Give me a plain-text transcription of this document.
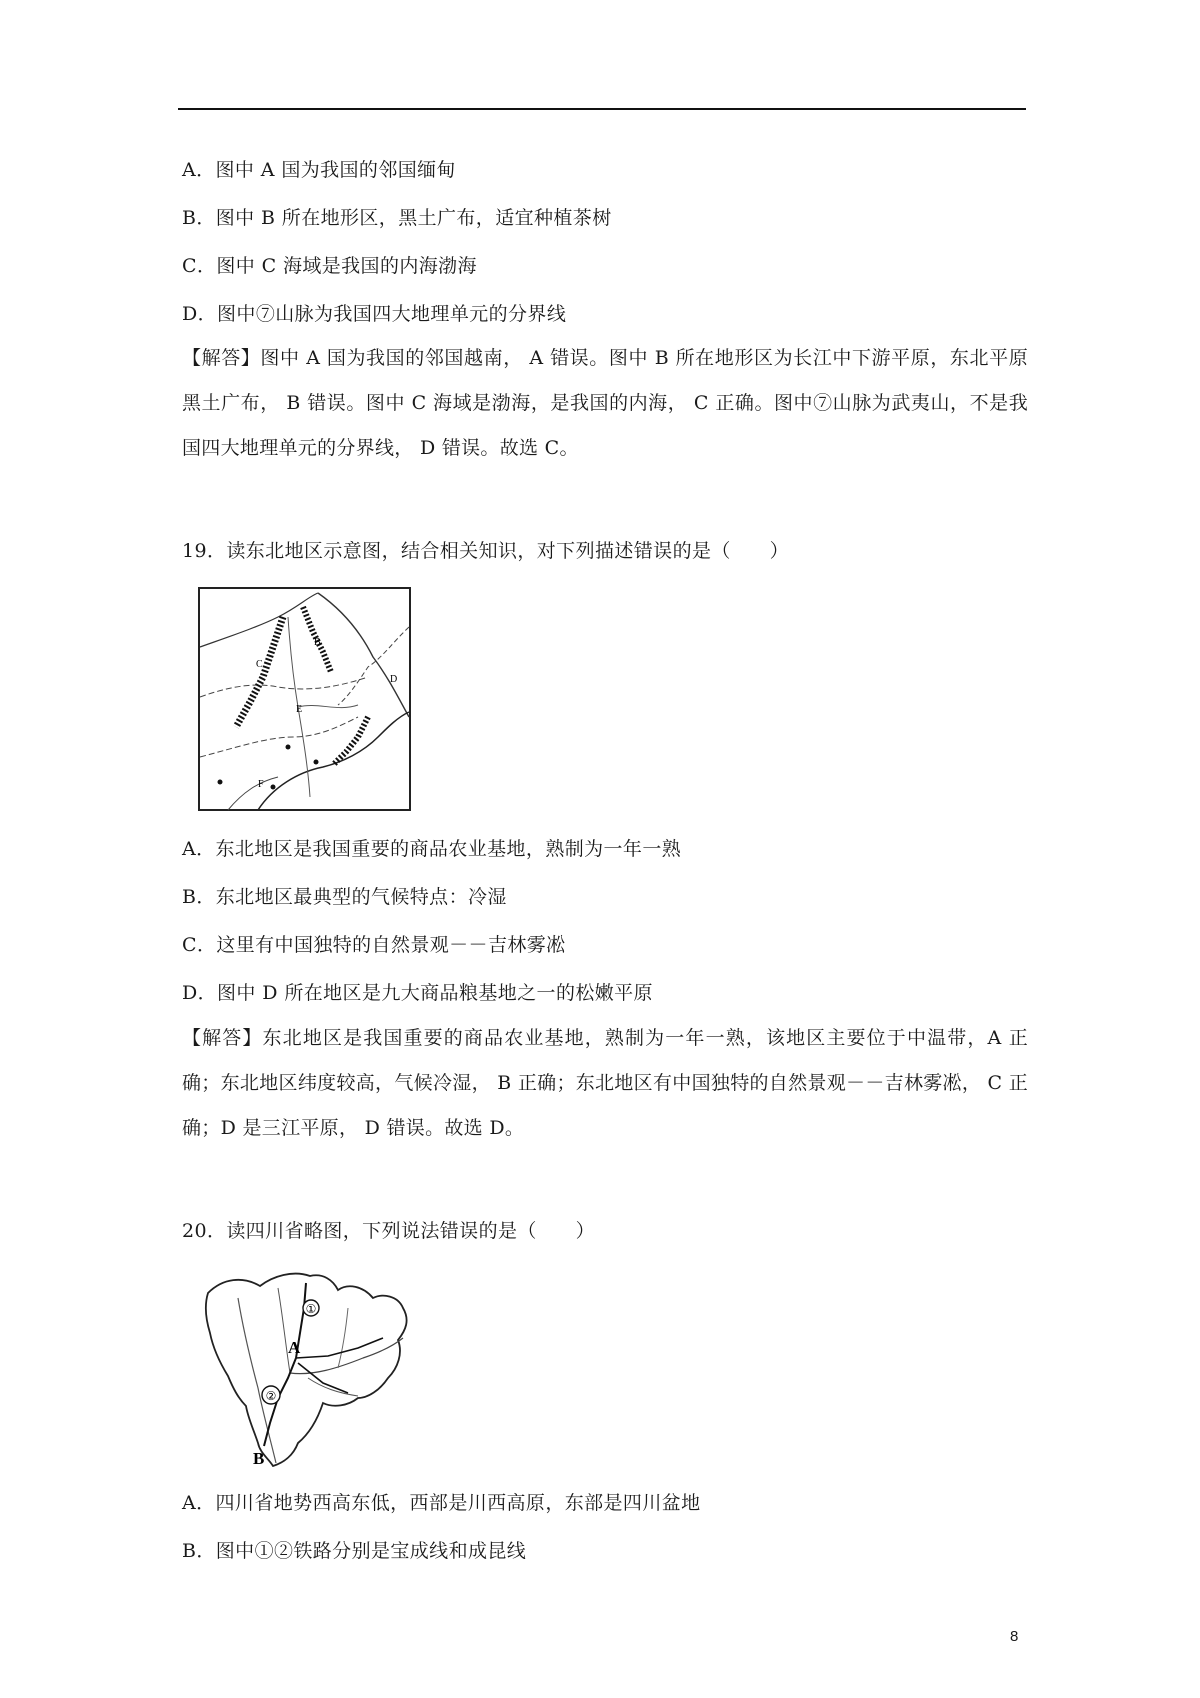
A．图中 A 国为我国的邻国缅甸
B．图中 B 所在地形区，黑土广布，适宜种植茶树
C．图中 C 海域是我国的内海渤海
D．图中⑦山脉为我国四大地理单元的分界线
【解答】图中 A 国为我国的邻国越南， A 错误。图中 B 所在地形区为长江中下游平原，东北平原黑土广布， B 错误。图中 C 海域是渤海，是我国的内海， C 正确。图中⑦山脉为武夷山，不是我国四大地理单元的分界线， D 错误。故选 C。
19．读东北地区示意图，结合相关知识，对下列描述错误的是（　　）
C
B
D
E
F
A．东北地区是我国重要的商品农业基地，熟制为一年一熟
B．东北地区最典型的气候特点：冷湿
C．这里有中国独特的自然景观－－吉林雾凇
D．图中 D 所在地区是九大商品粮基地之一的松嫩平原
【解答】东北地区是我国重要的商品农业基地，熟制为一年一熟，该地区主要位于中温带，A 正确；东北地区纬度较高，气候冷湿， B 正确；东北地区有中国独特的自然景观－－吉林雾凇， C 正确；D 是三江平原， D 错误。故选 D。
20．读四川省略图，下列说法错误的是（　　）
①
A
②
B
A．四川省地势西高东低，西部是川西高原，东部是四川盆地
B．图中①②铁路分别是宝成线和成昆线
8
